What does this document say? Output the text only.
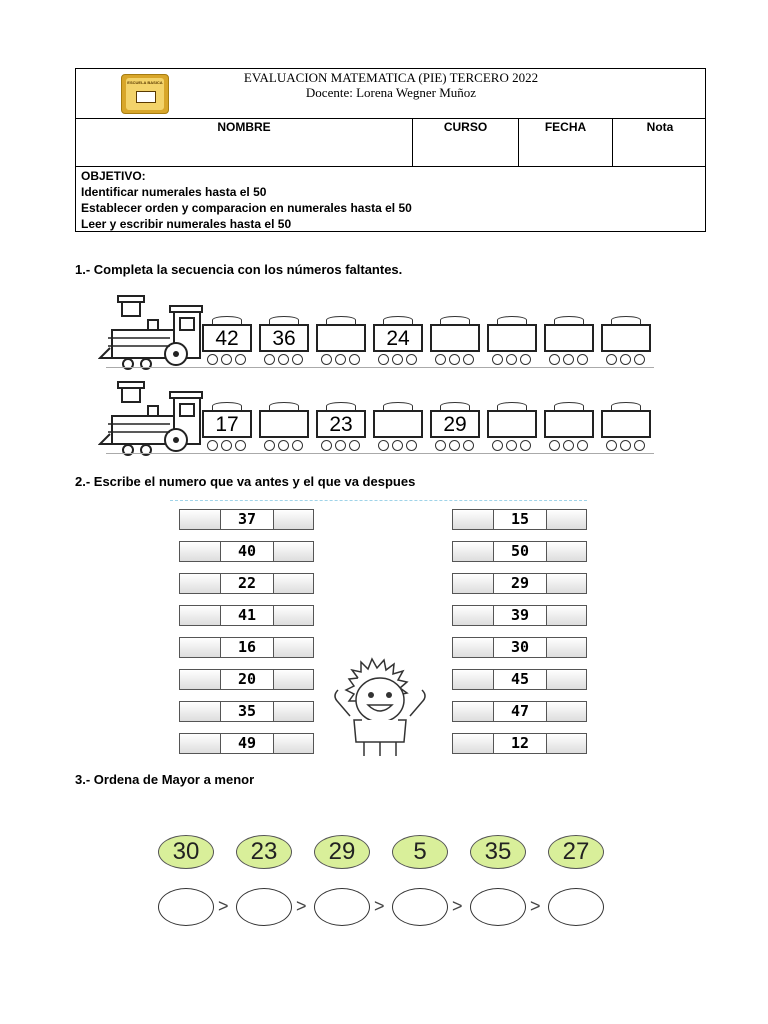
ESCUELA BASICA	EVALUACION MATEMATICA (PIE) TERCERO 2022
Docente: Lorena Wegner Muñoz
NOMBRE	CURSO	FECHA	Nota
OBJETIVO:
Identificar numerales hasta el 50
Establecer orden y comparacion en numerales hasta el 50
Leer y escribir numerales hasta el 50
1.- Completa la secuencia con los números faltantes.
42	36	24
17	23	29
2.- Escribe el numero que va antes y el que va despues
37
40
22
41
16
20
35
49
15
50
29
39
30
45
47
12
3.- Ordena de Mayor a menor
30
>
23
>
29
>
5
>
35
>
27
